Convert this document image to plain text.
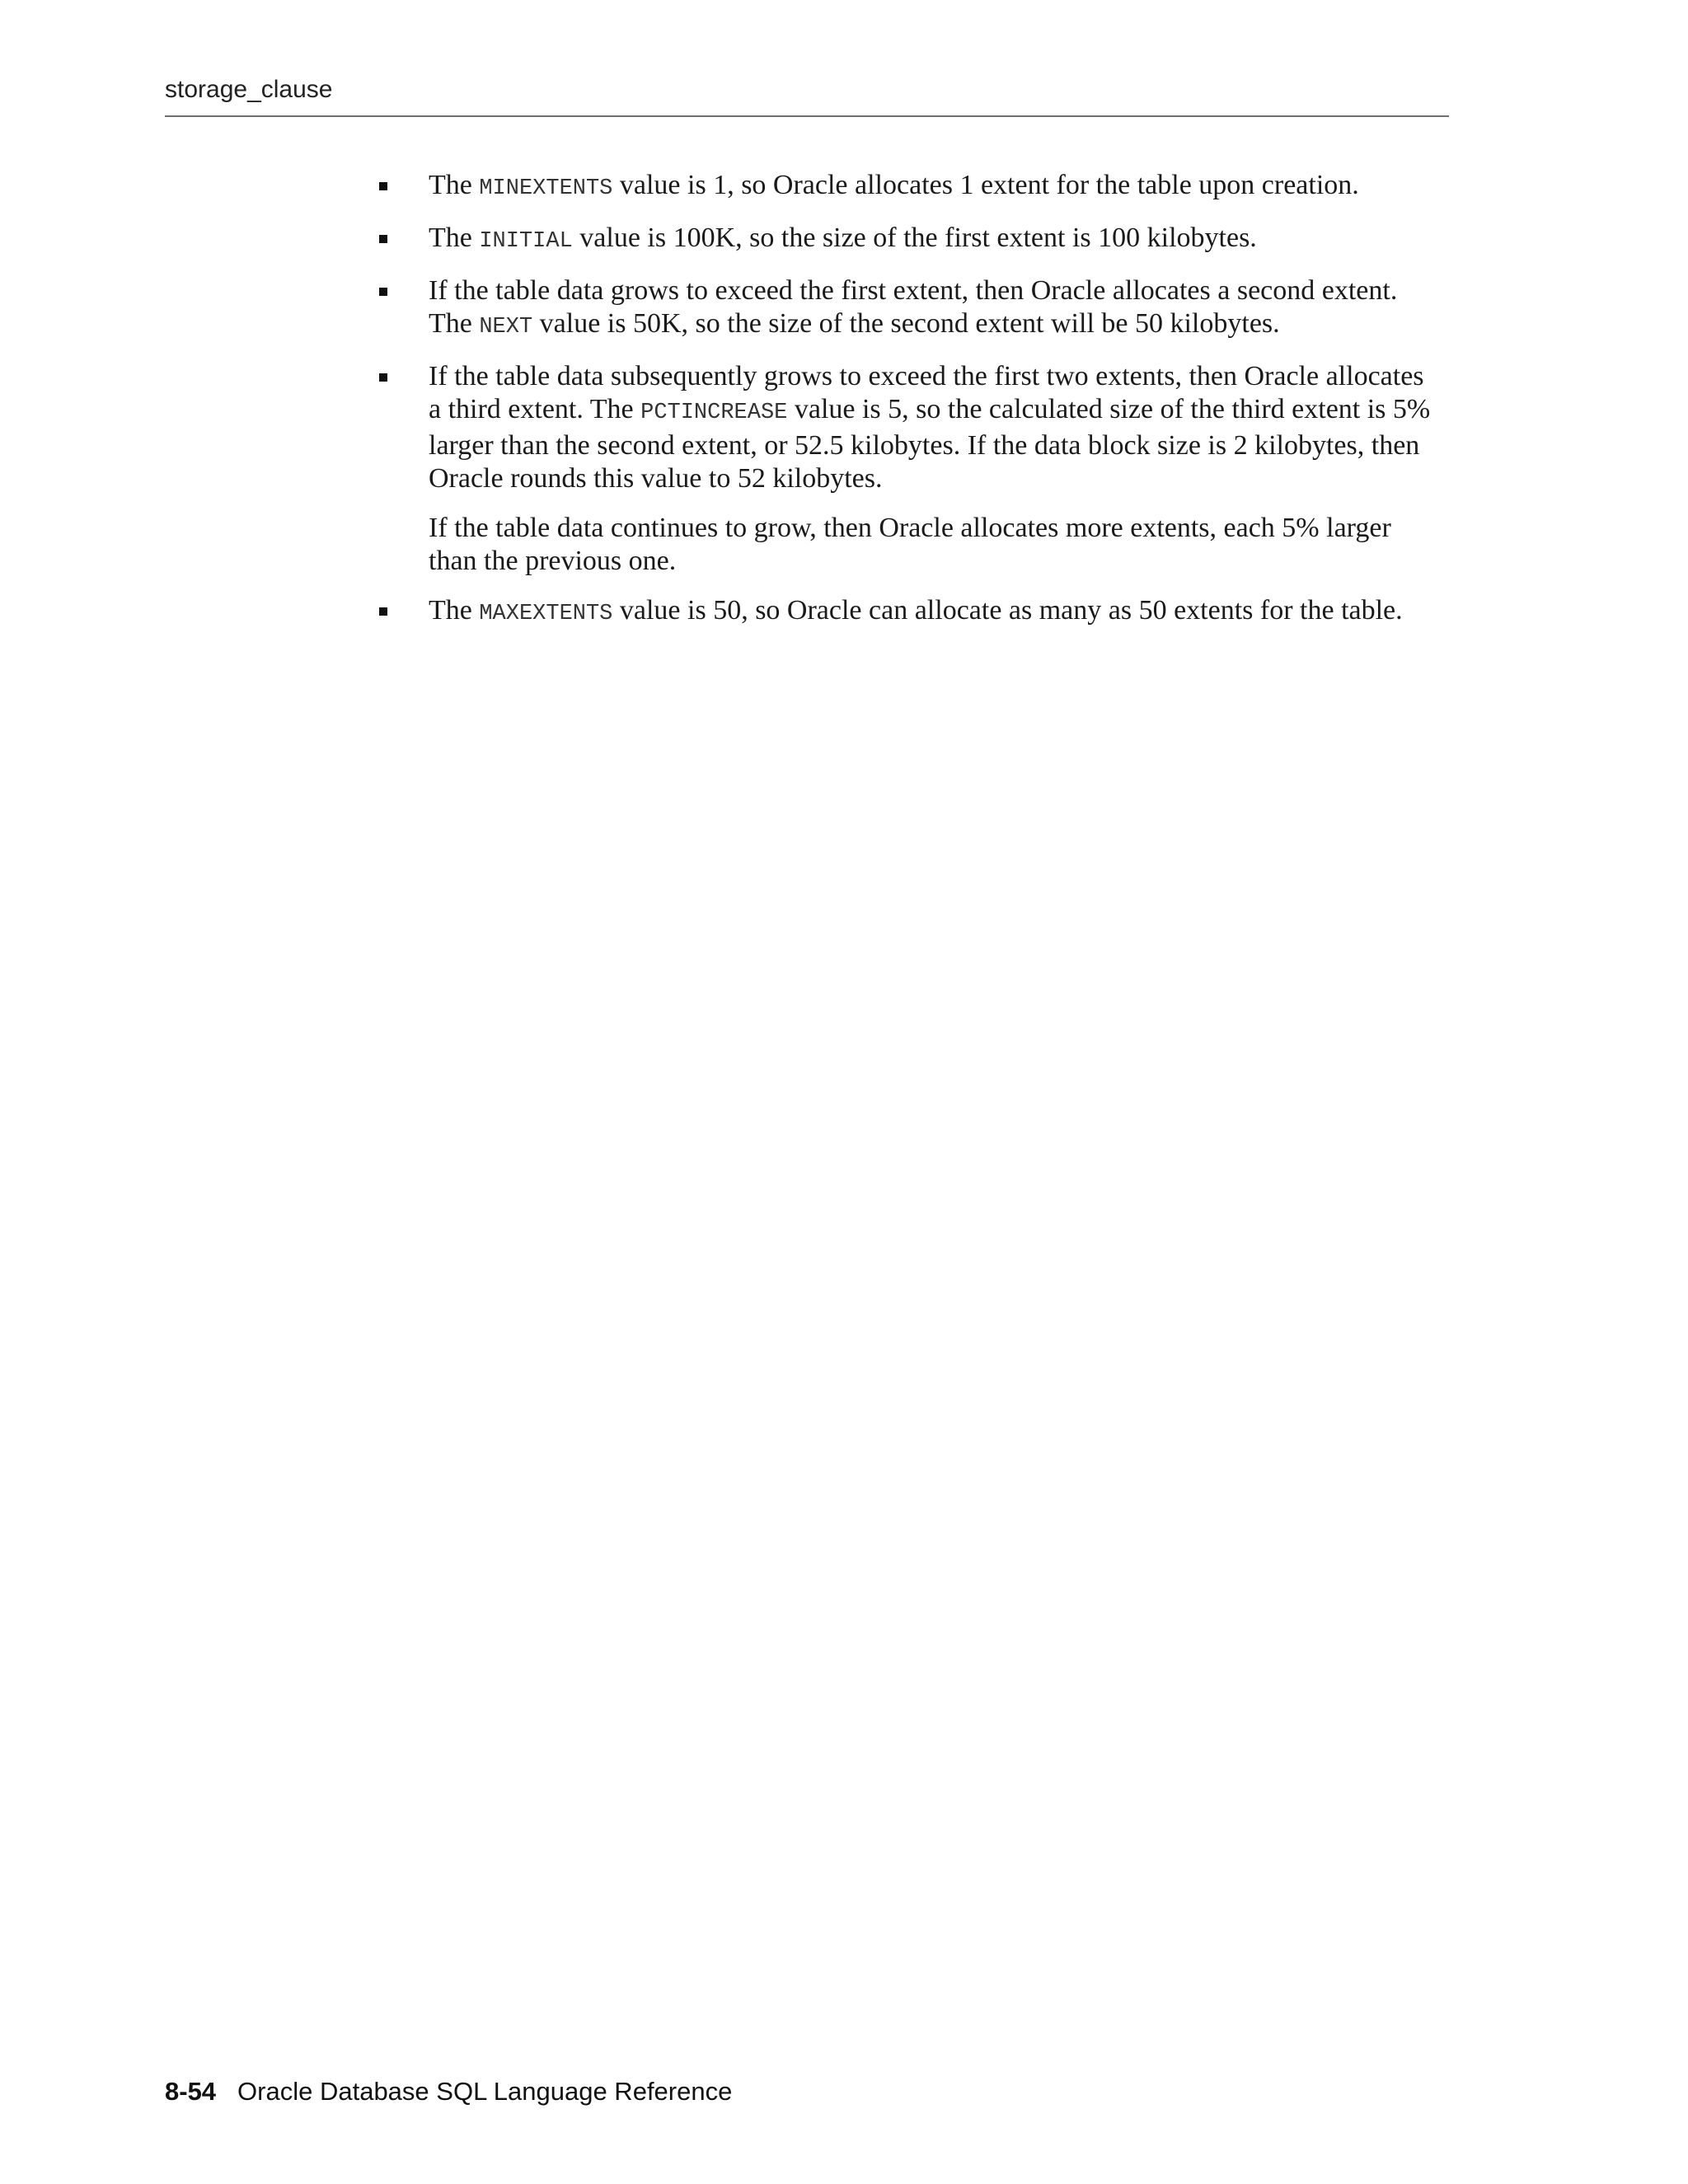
storage_clause

The MINEXTENTS value is 1, so Oracle allocates 1 extent for the table upon creation.

The INITIAL value is 100K, so the size of the first extent is 100 kilobytes.

If the table data grows to exceed the first extent, then Oracle allocates a second extent. The NEXT value is 50K, so the size of the second extent will be 50 kilobytes.

If the table data subsequently grows to exceed the first two extents, then Oracle allocates a third extent. The PCTINCREASE value is 5, so the calculated size of the third extent is 5% larger than the second extent, or 52.5 kilobytes. If the data block size is 2 kilobytes, then Oracle rounds this value to 52 kilobytes.

If the table data continues to grow, then Oracle allocates more extents, each 5% larger than the previous one.

The MAXEXTENTS value is 50, so Oracle can allocate as many as 50 extents for the table.

8-54 Oracle Database SQL Language Reference
